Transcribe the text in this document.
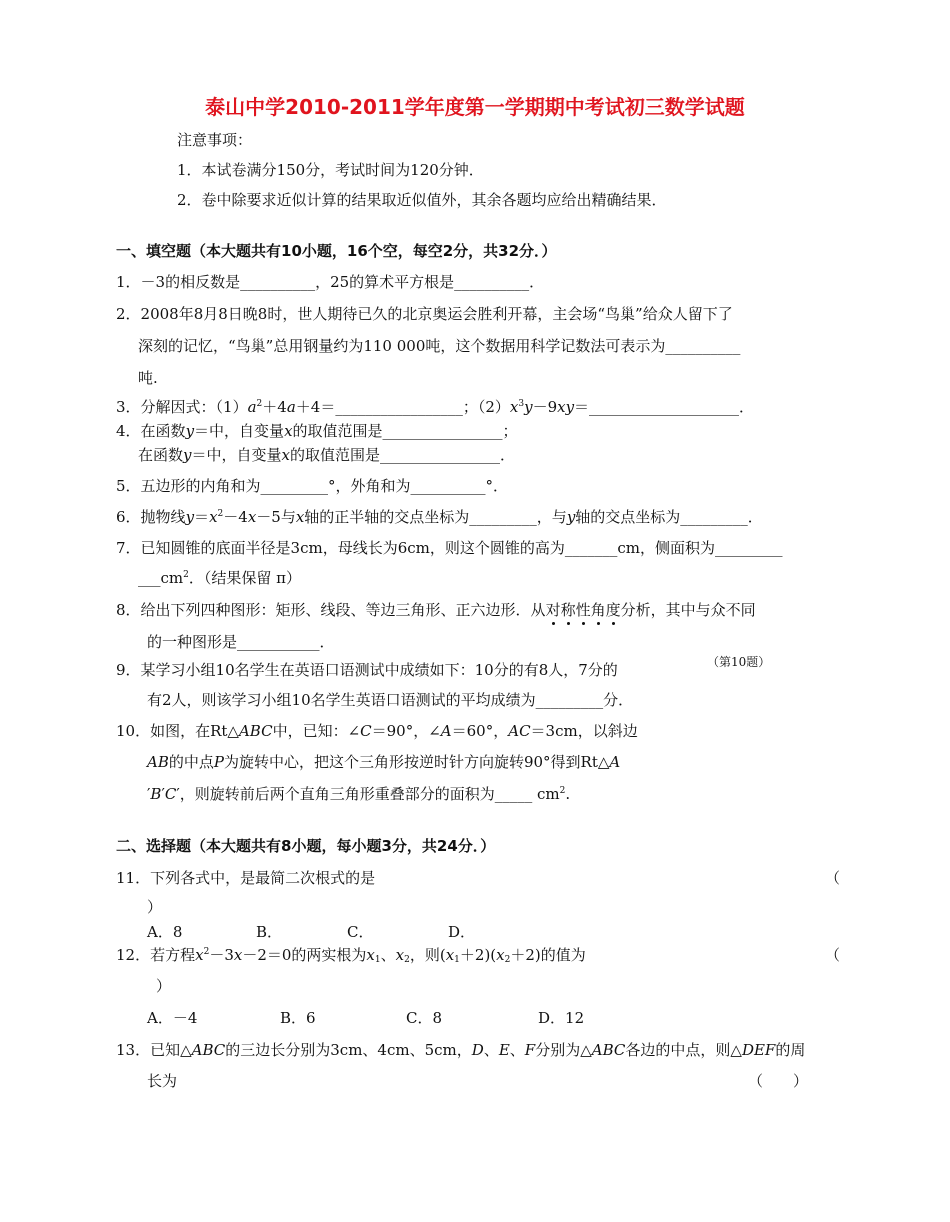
泰山中学2010-2011学年度第一学期期中考试初三数学试题
注意事项：
1．本试卷满分150分，考试时间为120分钟．
2．卷中除要求近似计算的结果取近似值外，其余各题均应给出精确结果．
一、填空题（本大题共有10小题，16个空，每空2分，共32分．）
1．－3的相反数是__________，25的算术平方根是__________．
2．2008年8月8日晚8时，世人期待已久的北京奥运会胜利开幕，主会场“鸟巢”给众人留下了
深刻的记忆，“鸟巢”总用钢量约为110 000吨，这个数据用科学记数法可表示为__________
吨.
3．分解因式：$(1)a^2+4a+4=\_\_\_\_\_\_\_\_\_\_\_\_\_\_\_\_\_$；$(2)x^3y-9xy=\_\_\_\_\_\_\_\_\_\_\_\_\_\_\_\_\_\_\_\_$．
4．在函数y＝中，自变量x的取值范围是________________；
在函数y＝中，自变量x的取值范围是________________．
5．五边形的内角和为_________°，外角和为__________°．
6．抛物线$y=x^2-4x-5$与x轴的正半轴的交点坐标为_________，与y轴的交点坐标为_________．
7．已知圆锥的底面半径是3cm，母线长为6cm，则这个圆锥的高为_______cm，侧面积为_________
$\_\_\_cm^2$．（结果保留 π）
8．给出下列四种图形：矩形、线段、等边三角形、正六边形．从对称性角度分析，其中与众不同
的一种图形是___________．
9．某学习小组10名学生在英语口语测试中成绩如下：10分的有8人，7分的	（第10题）
有2人，则该学习小组10名学生英语口语测试的平均成绩为_________分．
10．如图，在Rt△ABC中，已知：∠C＝90°，∠A＝60°，AC＝3cm，以斜边
AB的中点P为旋转中心，把这个三角形按逆时针方向旋转90°得到Rt△A
′B′C′，则旋转前后两个直角三角形重叠部分的面积为_____ $cm^2$.
二、选择题（本大题共有8小题，每小题3分，共24分．）
11．下列各式中，是最简二次根式的是	（
）
A．8	B．	C．	D．
12．若方程$x^2-3x-2=0$的两实根为$x_1$、$x_2$，则$(x_1+2)(x_2+2)$的值为	（
）
A．－4	B．6	C．8	D．12
13．已知△ABC的三边长分别为3cm、4cm、5cm，D、E、F分别为△ABC各边的中点，则△DEF的周
长为	（　　）
